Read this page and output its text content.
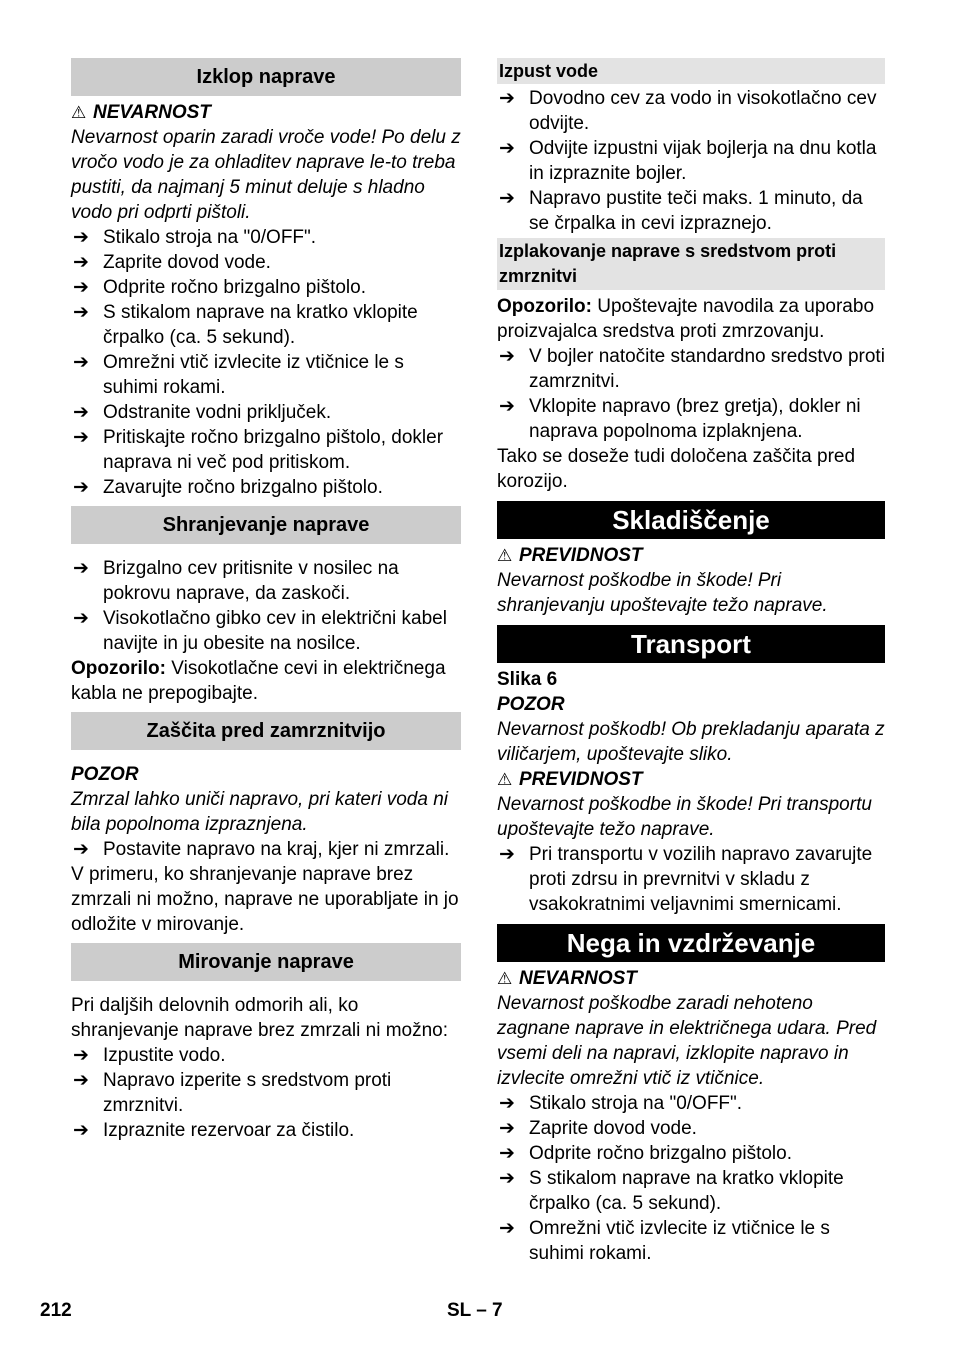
Izklop naprave

⚠ NEVARNOST

Nevarnost oparin zaradi vroče vode! Po delu z vročo vodo je za ohladitev naprave le-to treba pustiti, da najmanj 5 minut deluje s hladno vodo pri odprti pištoli.

➔ Stikalo stroja na "0/OFF".
➔ Zaprite dovod vode.
➔ Odprite ročno brizgalno pištolo.
➔ S stikalom naprave na kratko vklopite črpalko (ca. 5 sekund).
➔ Omrežni vtič izvlecite iz vtičnice le s suhimi rokami.
➔ Odstranite vodni priključek.
➔ Pritiskajte ročno brizgalno pištolo, dokler naprava ni več pod pritiskom.
➔ Zavarujte ročno brizgalno pištolo.
Shranjevanje naprave
➔ Brizgalno cev pritisnite v nosilec na pokrovu naprave, da zaskoči.
➔ Visokotlačno gibko cev in električni kabel navijte in ju obesite na nosilce.

Opozorilo: Visokotlačne cevi in električnega kabla ne prepogibajte.

Zaščita pred zamrznitvijo

POZOR

Zmrzal lahko uniči napravo, pri kateri voda ni bila popolnoma izpraznjena.

➔ Postavite napravo na kraj, kjer ni zmrzali.

V primeru, ko shranjevanje naprave brez zmrzali ni možno, naprave ne uporabljate in jo odložite v mirovanje.

Mirovanje naprave

Pri daljših delovnih odmorih ali, ko shranjevanje naprave brez zmrzali ni možno:

➔ Izpustite vodo.
➔ Napravo izperite s sredstvom proti zmrznitvi.
➔ Izpraznite rezervoar za čistilo.
Izpust vode
➔ Dovodno cev za vodo in visokotlačno cev odvijte.
➔ Odvijte izpustni vijak bojlerja na dnu kotla in izpraznite bojler.
➔ Napravo pustite teči maks. 1 minuto, da se črpalka in cevi izpraznejo.
Izplakovanje naprave s sredstvom proti zmrznitvi

Opozorilo: Upoštevajte navodila za uporabo proizvajalca sredstva proti zmrzovanju.

➔ V bojler natočite standardno sredstvo proti zamrznitvi.
➔ Vklopite napravo (brez gretja), dokler ni naprava popolnoma izplaknjena.

Tako se doseže tudi določena zaščita pred korozijo.

Skladiščenje

⚠ PREVIDNOST

Nevarnost poškodbe in škode! Pri shranjevanju upoštevajte težo naprave.

Transport

Slika 6

POZOR

Nevarnost poškodb! Ob prekladanju aparata z viličarjem, upoštevajte sliko.

⚠ PREVIDNOST

Nevarnost poškodbe in škode! Pri transportu upoštevajte težo naprave.

➔ Pri transportu v vozilih napravo zavarujte proti zdrsu in prevrnitvi v skladu z vsakokratnimi veljavnimi smernicami.
Nega in vzdrževanje

⚠ NEVARNOST

Nevarnost poškodbe zaradi nehoteno zagnane naprave in električnega udara. Pred vsemi deli na napravi, izklopite napravo in izvlecite omrežni vtič iz vtičnice.

➔ Stikalo stroja na "0/OFF".
➔ Zaprite dovod vode.
➔ Odprite ročno brizgalno pištolo.
➔ S stikalom naprave na kratko vklopite črpalko (ca. 5 sekund).
➔ Omrežni vtič izvlecite iz vtičnice le s suhimi rokami.
212	SL – 7
